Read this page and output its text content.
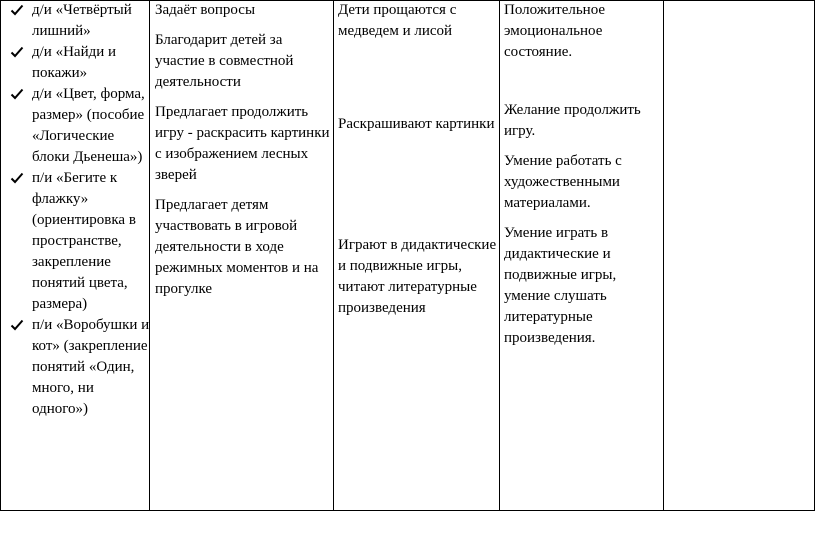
д/и «Четвёртый лишний»
д/и «Найди и покажи»
д/и «Цвет, форма, размер» (пособие «Логические блоки Дьенеша»)
п/и «Бегите к флажку» (ориентировка в пространстве, закрепление понятий цвета, размера)
п/и «Воробушки и кот» (закрепление понятий «Один, много, ни одного»)

Задаёт вопросы

Благодарит детей за участие в совместной деятельности

Предлагает продолжить игру - раскрасить картинки с изображением лесных зверей

Предлагает детям участвовать в игровой деятельности в ходе режимных моментов и на прогулке

Дети прощаются с медведем и лисой

Раскрашивают картинки

Играют в дидактические и подвижные игры, читают литературные произведения

Положительное эмоциональное состояние.

Желание продолжить игру.

Умение работать с художественными материалами.

Умение играть в дидактические и подвижные игры, умение слушать литературные произведения.
